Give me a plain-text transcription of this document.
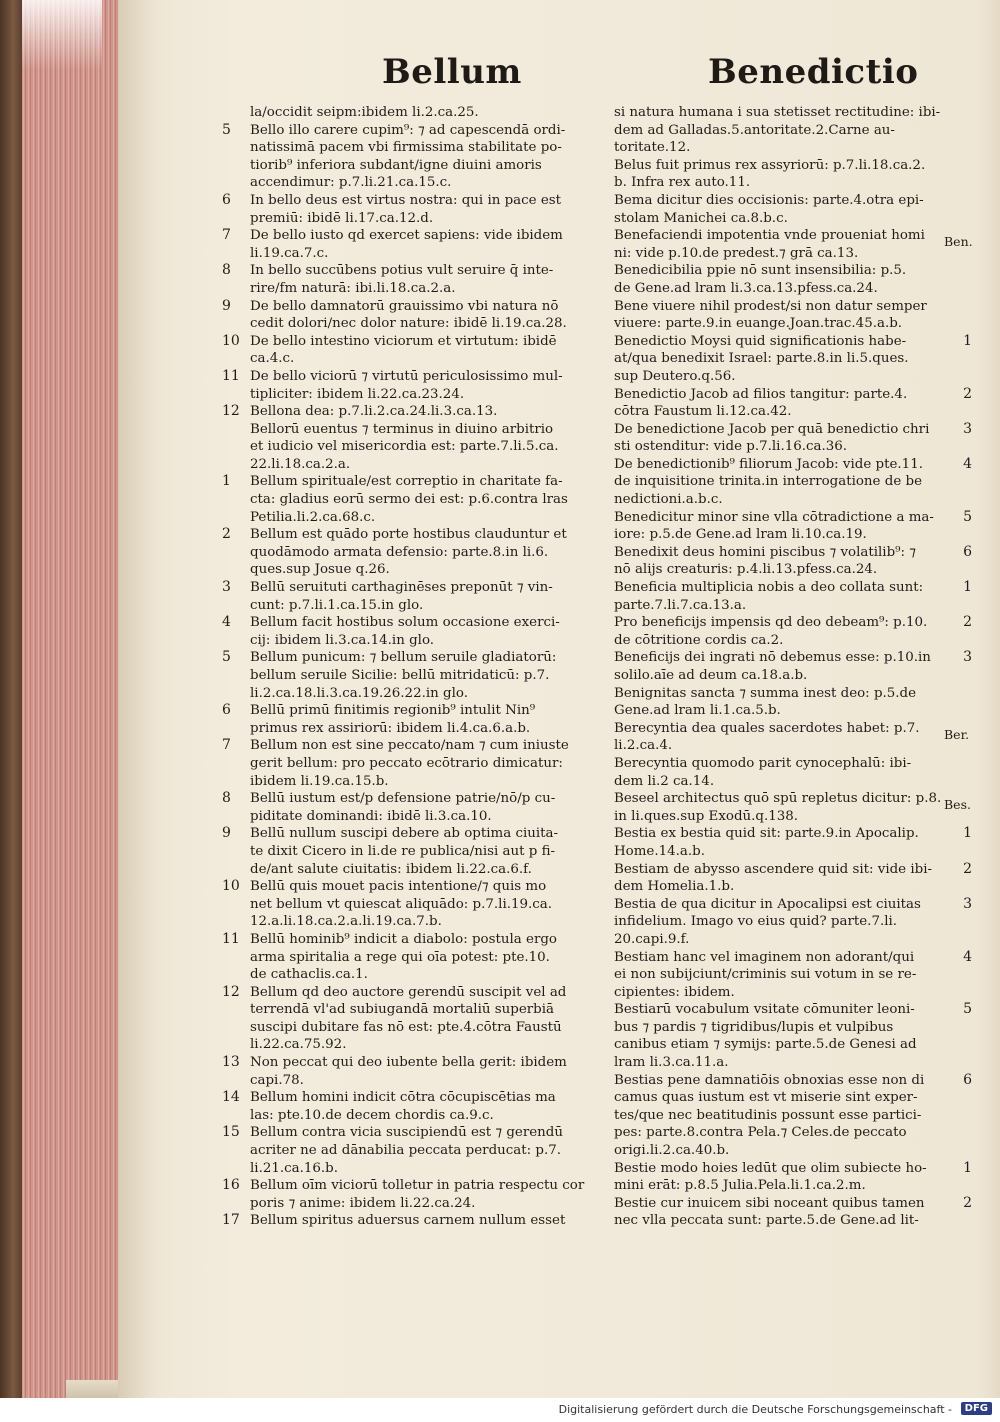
Bellum	Benedictio
la/occidit seipm:ibidem li.2.ca.25.
Bello illo carere cupim⁹: ⁊ ad capescendā ordi-
5
natissimā pacem vbi firmissima stabilitate po-
tiorib⁹ inferiora subdant/igne diuini amoris
accendimur: p.7.li.21.ca.15.c.
In bello deus est virtus nostra: qui in pace est
6
premiū: ibidē li.17.ca.12.d.
De bello iusto qd exercet sapiens: vide ibidem
7
li.19.ca.7.c.
In bello succūbens potius vult seruire q̄ inte-
8
rire/fm naturā: ibi.li.18.ca.2.a.
De bello damnatorū grauissimo vbi natura nō
9
cedit dolori/nec dolor nature: ibidē li.19.ca.28.
De bello intestino viciorum et virtutum: ibidē
10
ca.4.c.
De bello viciorū ⁊ virtutū periculosissimo mul-
11
tipliciter: ibidem li.22.ca.23.24.
Bellona dea: p.7.li.2.ca.24.li.3.ca.13.
12
Bellorū euentus ⁊ terminus in diuino arbitrio
et iudicio vel misericordia est: parte.7.li.5.ca.
22.li.18.ca.2.a.
Bellum spirituale/est correptio in charitate fa-
1
cta: gladius eorū sermo dei est: p.6.contra lras
Petilia.li.2.ca.68.c.
Bellum est quādo porte hostibus clauduntur et
2
quodāmodo armata defensio: parte.8.in li.6.
ques.sup Josue q.26.
Bellū seruituti carthaginēses preponūt ⁊ vin-
3
cunt: p.7.li.1.ca.15.in glo.
Bellum facit hostibus solum occasione exerci-
4
cij: ibidem li.3.ca.14.in glo.
Bellum punicum: ⁊ bellum seruile gladiatorū:
5
bellum seruile Sicilie: bellū mitridaticū: p.7.
li.2.ca.18.li.3.ca.19.26.22.in glo.
Bellū primū finitimis regionib⁹ intulit Nin⁹
6
primus rex assiriorū: ibidem li.4.ca.6.a.b.
Bellum non est sine peccato/nam ⁊ cum iniuste
7
gerit bellum: pro peccato ecōtrario dimicatur:
ibidem li.19.ca.15.b.
Bellū iustum est/p defensione patrie/nō/p cu-
8
piditate dominandi: ibidē li.3.ca.10.
Bellū nullum suscipi debere ab optima ciuita-
9
te dixit Cicero in li.de re publica/nisi aut p fi-
de/ant salute ciuitatis: ibidem li.22.ca.6.f.
Bellū quis mouet pacis intentione/⁊ quis mo
10
net bellum vt quiescat aliquādo: p.7.li.19.ca.
12.a.li.18.ca.2.a.li.19.ca.7.b.
Bellū hominib⁹ indicit a diabolo: postula ergo
11
arma spiritalia a rege qui oīa potest: pte.10.
de cathaclis.ca.1.
Bellum qd deo auctore gerendū suscipit vel ad
12
terrendā vl'ad subiugandā mortaliū superbiā
suscipi dubitare fas nō est: pte.4.cōtra Faustū
li.22.ca.75.92.
Non peccat qui deo iubente bella gerit: ibidem
13
capi.78.
Bellum homini indicit cōtra cōcupiscētias ma
14
las: pte.10.de decem chordis ca.9.c.
Bellum contra vicia suscipiendū est ⁊ gerendū
15
acriter ne ad dānabilia peccata perducat: p.7.
li.21.ca.16.b.
Bellum oīm viciorū tolletur in patria respectu cor
16
poris ⁊ anime: ibidem li.22.ca.24.
Bellum spiritus aduersus carnem nullum esset
17
si natura humana i sua stetisset rectitudine: ibi-
dem ad Galladas.5.antoritate.2.Carne au-
toritate.12.
Belus fuit primus rex assyriorū: p.7.li.18.ca.2.
b. Infra rex auto.11.
Bema dicitur dies occisionis: parte.4.otra epi-
stolam Manichei ca.8.b.c.
Benefaciendi impotentia vnde proueniat homi
ni: vide p.10.de predest.⁊ grā ca.13.
Benedicibilia ppie nō sunt insensibilia: p.5.
de Gene.ad lram li.3.ca.13.pfess.ca.24.
Bene viuere nihil prodest/si non datur semper
viuere: parte.9.in euange.Joan.trac.45.a.b.
Benedictio Moysi quid significationis habe-	1
at/qua benedixit Israel: parte.8.in li.5.ques.
sup Deutero.q.56.
Benedictio Jacob ad filios tangitur: parte.4.	2
cōtra Faustum li.12.ca.42.
De benedictione Jacob per quā benedictio chri 3
sti ostenditur: vide p.7.li.16.ca.36.
De benedictionib⁹ filiorum Jacob: vide pte.11.	4
de inquisitione trinita.in interrogatione de be
nedictioni.a.b.c.
Benedicitur minor sine vlla cōtradictione a ma- 5
iore: p.5.de Gene.ad lram li.10.ca.19.
Benedixit deus homini piscibus ⁊ volatilib⁹: ⁊	6
nō alijs creaturis: p.4.li.13.pfess.ca.24.
Beneficia multiplicia nobis a deo collata sunt:	1
parte.7.li.7.ca.13.a.
Pro beneficijs impensis qd deo debeam⁹: p.10.	2
de cōtritione cordis ca.2.
Beneficijs dei ingrati nō debemus esse: p.10.in 3
solilo.aīe ad deum ca.18.a.b.
Benignitas sancta ⁊ summa inest deo: p.5.de
Gene.ad lram li.1.ca.5.b.
Berecyntia dea quales sacerdotes habet: p.7.
li.2.ca.4.
Berecyntia quomodo parit cynocephalū: ibi-
dem li.2 ca.14.
Beseel architectus quō spū repletus dicitur: p.8.
in li.ques.sup Exodū.q.138.
Bestia ex bestia quid sit: parte.9.in Apocalip.	1
Home.14.a.b.
Bestiam de abysso ascendere quid sit: vide ibi- 2
dem Homelia.1.b.
Bestia de qua dicitur in Apocalipsi est ciuitas	3
infidelium. Imago vo eius quid? parte.7.li.
20.capi.9.f.
Bestiam hanc vel imaginem non adorant/qui	4
ei non subijciunt/criminis sui votum in se re-
cipientes: ibidem.
Bestiarū vocabulum vsitate cōmuniter leoni-	5
bus ⁊ pardis ⁊ tigridibus/lupis et vulpibus
canibus etiam ⁊ symijs: parte.5.de Genesi ad
lram li.3.ca.11.a.
Bestias pene damnatiōis obnoxias esse non di	6
camus quas iustum est vt miserie sint exper-
tes/que nec beatitudinis possunt esse partici-
pes: parte.8.contra Pela.⁊ Celes.de peccato
origi.li.2.ca.40.b.
Bestie modo hoies ledūt que olim subiecte ho-	1
mini erāt: p.8.5 Julia.Pela.li.1.ca.2.m.
Bestie cur inuicem sibi noceant quibus tamen	2
nec vlla peccata sunt: parte.5.de Gene.ad lit-
Digitalisierung gefördert durch die Deutsche Forschungsgemeinschaft -	DFG
Ben.
Ber.
Bes.
